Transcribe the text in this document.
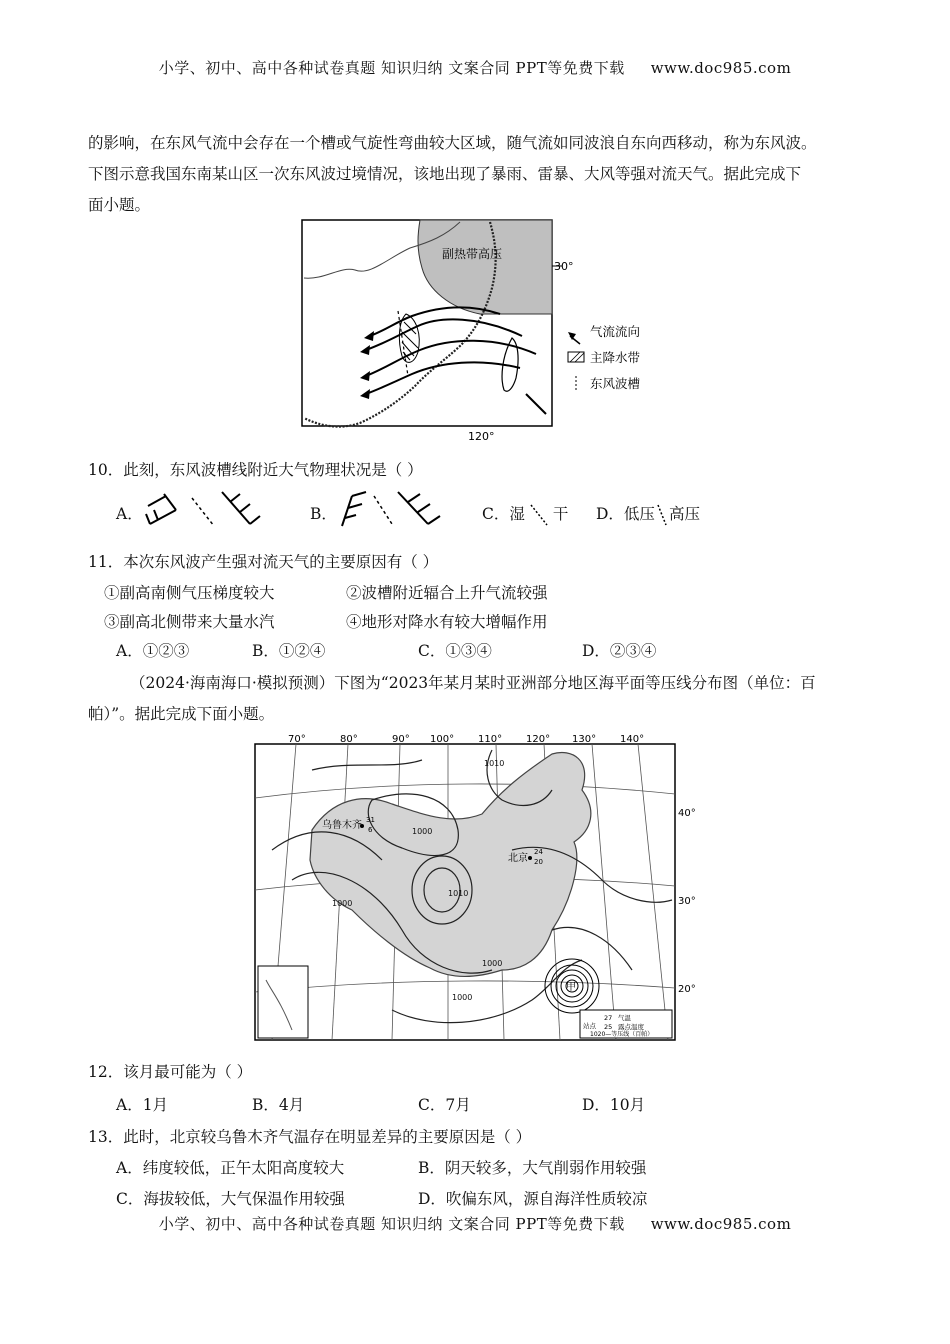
小学、初中、高中各种试卷真题 知识归纳 文案合同 PPT等免费下载 www.doc985.com
的影响，在东风气流中会存在一个槽或气旋性弯曲较大区域，随气流如同波浪自东向西移动，称为东风波。
下图示意我国东南某山区一次东风波过境情况，该地出现了暴雨、雷暴、大风等强对流天气。据此完成下
面小题。
副热带高压
30°
120°
气流流向
主降水带
东风波槽
10．此刻，东风波槽线附近大气物理状况是（ ）
A．	B．	C．湿 干 D．低压 高压
11．本次东风波产生强对流天气的主要原因有（ ）
①副高南侧气压梯度较大	②波槽附近辐合上升气流较强
③副高北侧带来大量水汽	④地形对降水有较大增幅作用
A．①②③	B．①②④	C．①③④	D．②③④
（2024·海南海口·模拟预测）下图为“2023年某月某时亚洲部分地区海平面等压线分布图（单位：百
帕）”。据此完成下面小题。
甲
70°	80°	90° 100° 110° 120° 130° 140°
40°
30°
20°
1010
1000
1000
1010
1000
1000
乌鲁木齐 31
6
北京
24
20
站点
27
25
气温
露点温度
1020—等压线（百帕）
12．该月最可能为（ ）
A．1月	B．4月	C．7月	D．10月
13．此时，北京较乌鲁木齐气温存在明显差异的主要原因是（ ）
A．纬度较低，正午太阳高度较大	B．阴天较多，大气削弱作用较强
C．海拔较低，大气保温作用较强	D．吹偏东风，源自海洋性质较凉
小学、初中、高中各种试卷真题 知识归纳 文案合同 PPT等免费下载 www.doc985.com
